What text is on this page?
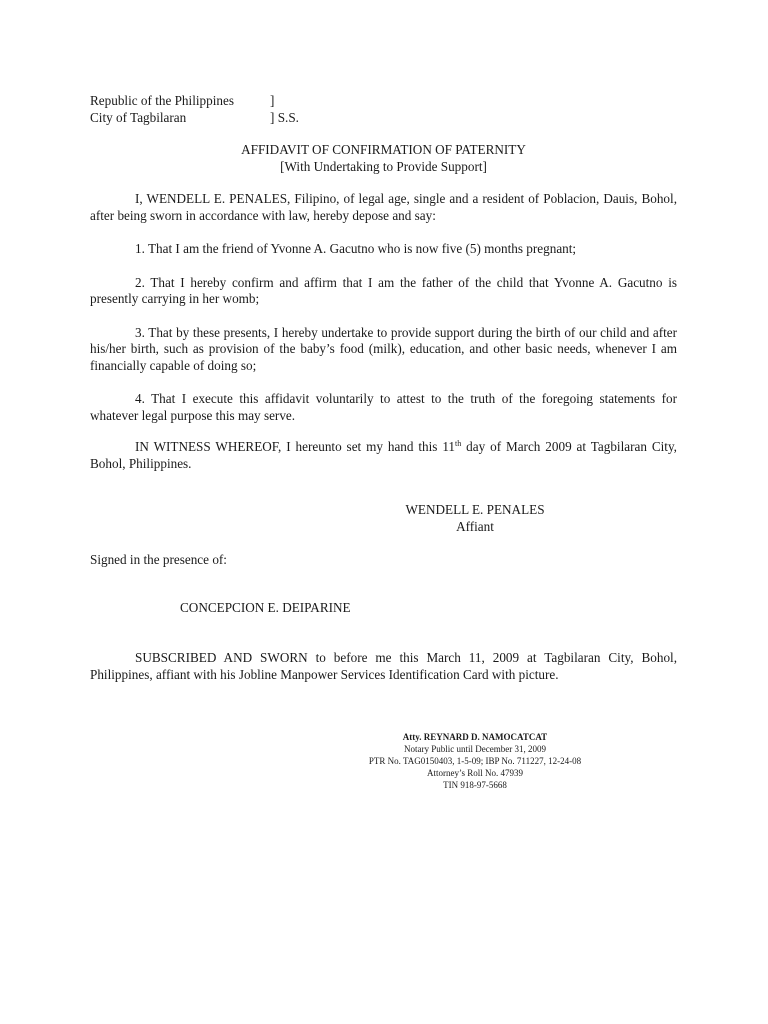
Republic of the Philippines	]
City of Tagbilaran	] S.S.
AFFIDAVIT OF CONFIRMATION OF PATERNITY
[With Undertaking to Provide Support]

I, WENDELL E. PENALES, Filipino, of legal age, single and a resident of Poblacion, Dauis, Bohol, after being sworn in accordance with law, hereby depose and say:

1. That I am the friend of Yvonne A. Gacutno who is now five (5) months pregnant;

2. That I hereby confirm and affirm that I am the father of the child that Yvonne A. Gacutno is presently carrying in her womb;

3. That by these presents, I hereby undertake to provide support during the birth of our child and after his/her birth, such as provision of the baby’s food (milk), education, and other basic needs, whenever I am financially capable of doing so;

4. That I execute this affidavit voluntarily to attest to the truth of the foregoing statements for whatever legal purpose this may serve.

IN WITNESS WHEREOF, I hereunto set my hand this 11th day of March 2009 at Tagbilaran City, Bohol, Philippines.

WENDELL E. PENALES
Affiant
Signed in the presence of:
CONCEPCION E. DEIPARINE

SUBSCRIBED AND SWORN to before me this March 11, 2009 at Tagbilaran City, Bohol, Philippines, affiant with his Jobline Manpower Services Identification Card with picture.

Atty. REYNARD D. NAMOCATCAT
Notary Public until December 31, 2009
PTR No. TAG0150403, 1-5-09; IBP No. 711227, 12-24-08
Attorney’s Roll No. 47939
TIN 918-97-5668
